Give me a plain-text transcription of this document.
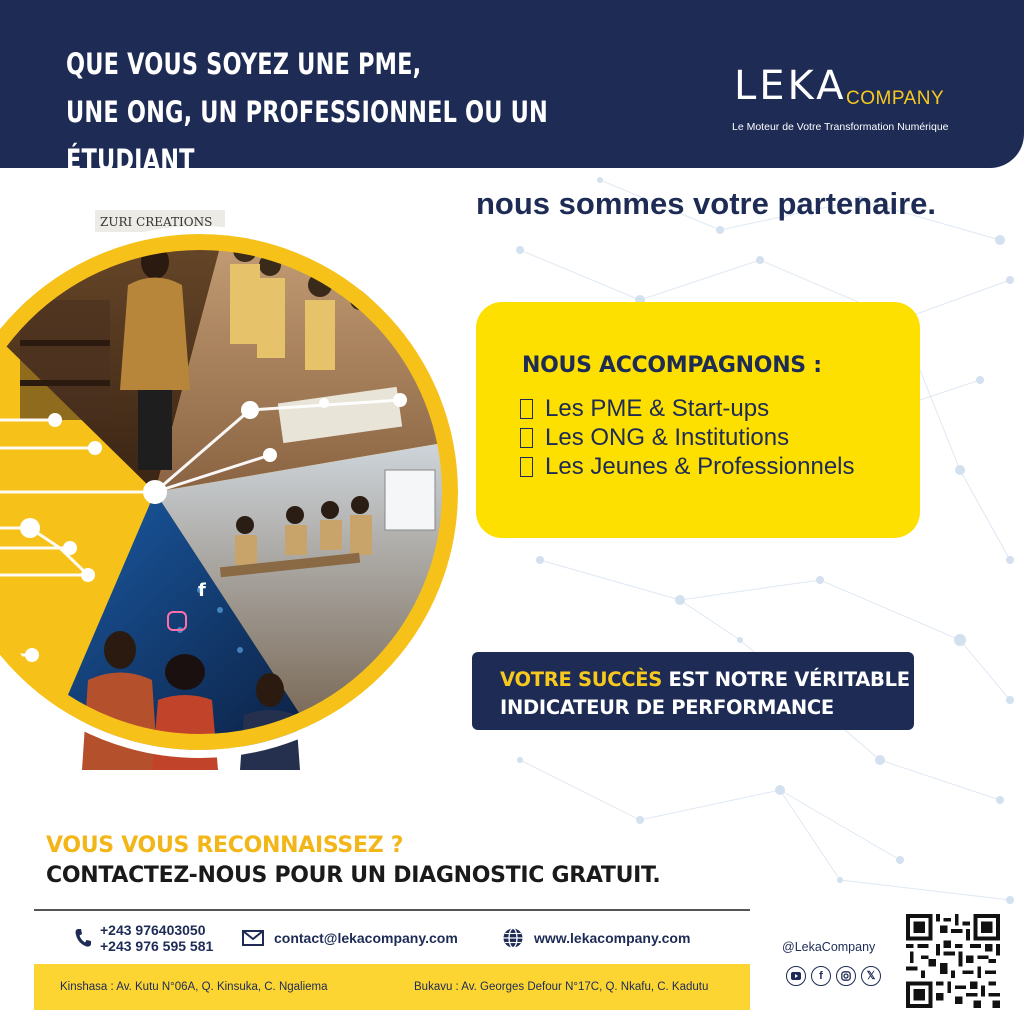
QUE VOUS SOYEZ UNE PME,
UNE ONG, UN PROFESSIONNEL OU UN ÉTUDIANT
LEKA COMPANY
Le Moteur de Votre Transformation Numérique
nous sommes votre partenaire.
ZURI CREATIONS
f
NOUS ACCOMPAGNONS :
Les PME & Start-ups
Les ONG & Institutions
Les Jeunes & Professionnels
VOTRE SUCCÈS EST NOTRE VÉRITABLE
INDICATEUR DE PERFORMANCE
VOUS VOUS RECONNAISSEZ ?
CONTACTEZ-NOUS POUR UN DIAGNOSTIC GRATUIT.
+243 976403050
+243 976 595 581	contact@lekacompany.com	www.lekacompany.com
Kinshasa : Av. Kutu N°06A, Q. Kinsuka, C. Ngaliema	Bukavu : Av. Georges Defour N°17C, Q. Nkafu, C. Kadutu
@LekaCompany
f	𝕏
